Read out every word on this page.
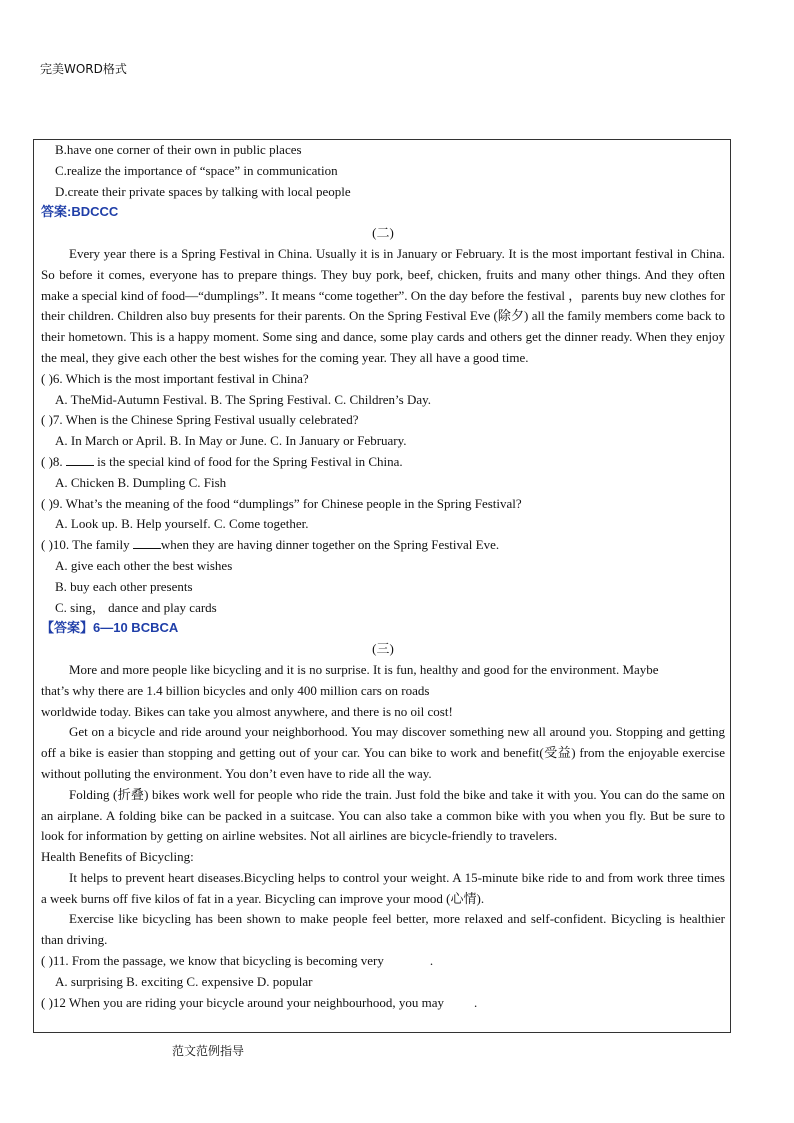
完美WORD格式
B.have one corner of their own in public places
C.realize the importance of “space” in communication
D.create their private spaces by talking with local people
答案:BDCCC
(二)

Every year there is a Spring Festival in China. Usually it is in January or February. It is the most important festival in China. So before it comes, everyone has to prepare things. They buy pork, beef, chicken, fruits and many other things. And they often make a special kind of food—“dumplings”. It means “come together”. On the day before the festival ，parents buy new clothes for their children. Children also buy presents for their parents. On the Spring Festival Eve (除夕) all the family members come back to their hometown. This is a happy moment. Some sing and dance, some play cards and others get the dinner ready. When they enjoy the meal, they give each other the best wishes for the coming year. They all have a good time.

( )6. Which is the most important festival in China?
A. TheMid-Autumn Festival. B. The Spring Festival. C. Children’s Day.
( )7. When is the Chinese Spring Festival usually celebrated?
A. In March or April. B. In May or June. C. In January or February.
( )8.  is the special kind of food for the Spring Festival in China.
A. Chicken B. Dumpling C. Fish
( )9. What’s the meaning of the food “dumplings” for Chinese people in the Spring Festival?
A. Look up. B. Help yourself. C. Come together.
( )10. The family when they are having dinner together on the Spring Festival Eve.
A. give each other the best wishes
B. buy each other presents
C. sing， dance and play cards
【答案】6—10 BCBCA
(三)
More and more people like bicycling and it is no surprise. It is fun, healthy and good for the environment. Maybe
that’s why there are 1.4 billion bicycles and only 400 million cars on roads
worldwide today. Bikes can take you almost anywhere, and there is no oil cost!

Get on a bicycle and ride around your neighborhood. You may discover something new all around you. Stopping and getting off a bike is easier than stopping and getting out of your car. You can bike to work and benefit(受益) from the enjoyable exercise without polluting the environment. You don’t even have to ride all the way.

Folding (折叠) bikes work well for people who ride the train. Just fold the bike and take it with you. You can do the same on an airplane. A folding bike can be packed in a suitcase. You can also take a common bike with you when you fly. But be sure to look for information by getting on airline websites. Not all airlines are bicycle-friendly to travelers.

Health Benefits of Bicycling:

It helps to prevent heart diseases.Bicycling helps to control your weight. A 15-minute bike ride to and from work three times a week burns off five kilos of fat in a year. Bicycling can improve your mood (心情).

Exercise like bicycling has been shown to make people feel better, more relaxed and self-confident. Bicycling is healthier than driving.

( )11. From the passage, we know that bicycling is becoming very	.
A. surprising B. exciting C. expensive D. popular
( )12 When you are riding your bicycle around your neighbourhood, you may .
范文范例指导
